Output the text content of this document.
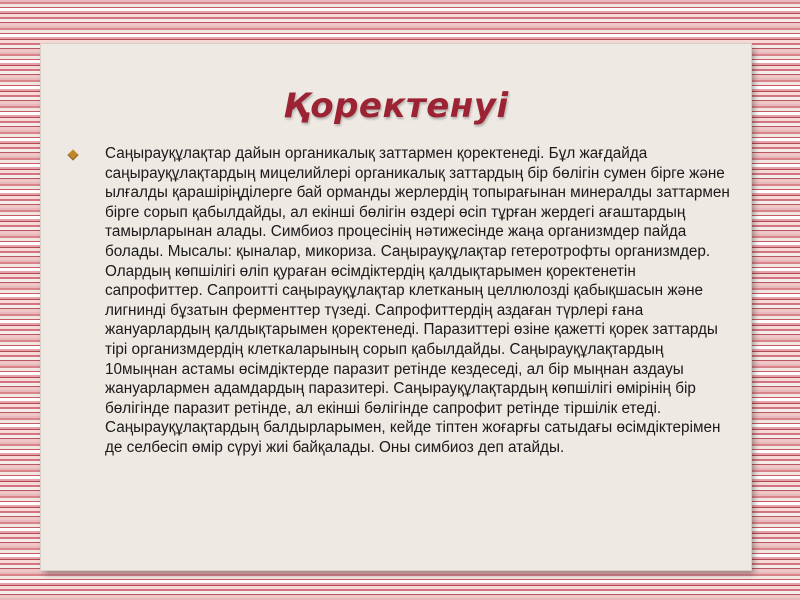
Қоректенуі

Саңырауқұлақтар дайын органикалық заттармен қоректенеді. Бұл жағдайда саңырауқұлақтардың мицелийлері органикалық заттардың бір бөлігін сумен бірге және ылғалды қарашіріңділерге бай орманды жерлердің топырағынан минералды заттармен бірге сорып қабылдайды, ал екінші бөлігін өздері өсіп тұрған жердегі ағаштардың тамырларынан алады. Симбиоз процесінің нәтижесінде жаңа организмдер пайда болады. Мысалы: қыналар, микориза. Саңырауқұлақтар гетеротрофты организмдер. Олардың көпшілігі өліп қураған өсімдіктердің қалдықтарымен қоректенетін сапрофиттер. Сапроитті саңырауқұлақтар клетканың целлюлозді қабықшасын және лигнинді бұзатын ферменттер түзеді. Сапрофиттердің аздаған түрлері ғана жануарлардың қалдықтарымен қоректенеді. Паразиттері өзіне қажетті қорек заттарды тірі организмдердің клеткаларының сорып қабылдайды. Саңырауқұлақтардың 10мыңнан астамы өсімдіктерде паразит ретінде кездеседі, ал бір мыңнан аздауы жануарлармен адамдардың паразитері. Саңырауқұлақтардың көпшілігі өмірінің бір бөлігінде паразит ретінде, ал екінші бөлігінде сапрофит ретінде тіршілік етеді. Саңырауқұлақтардың балдырларымен, кейде тіптен жоғарғы сатыдағы өсімдіктерімен де селбесіп өмір сүруі жиі байқалады. Оны симбиоз деп атайды.
